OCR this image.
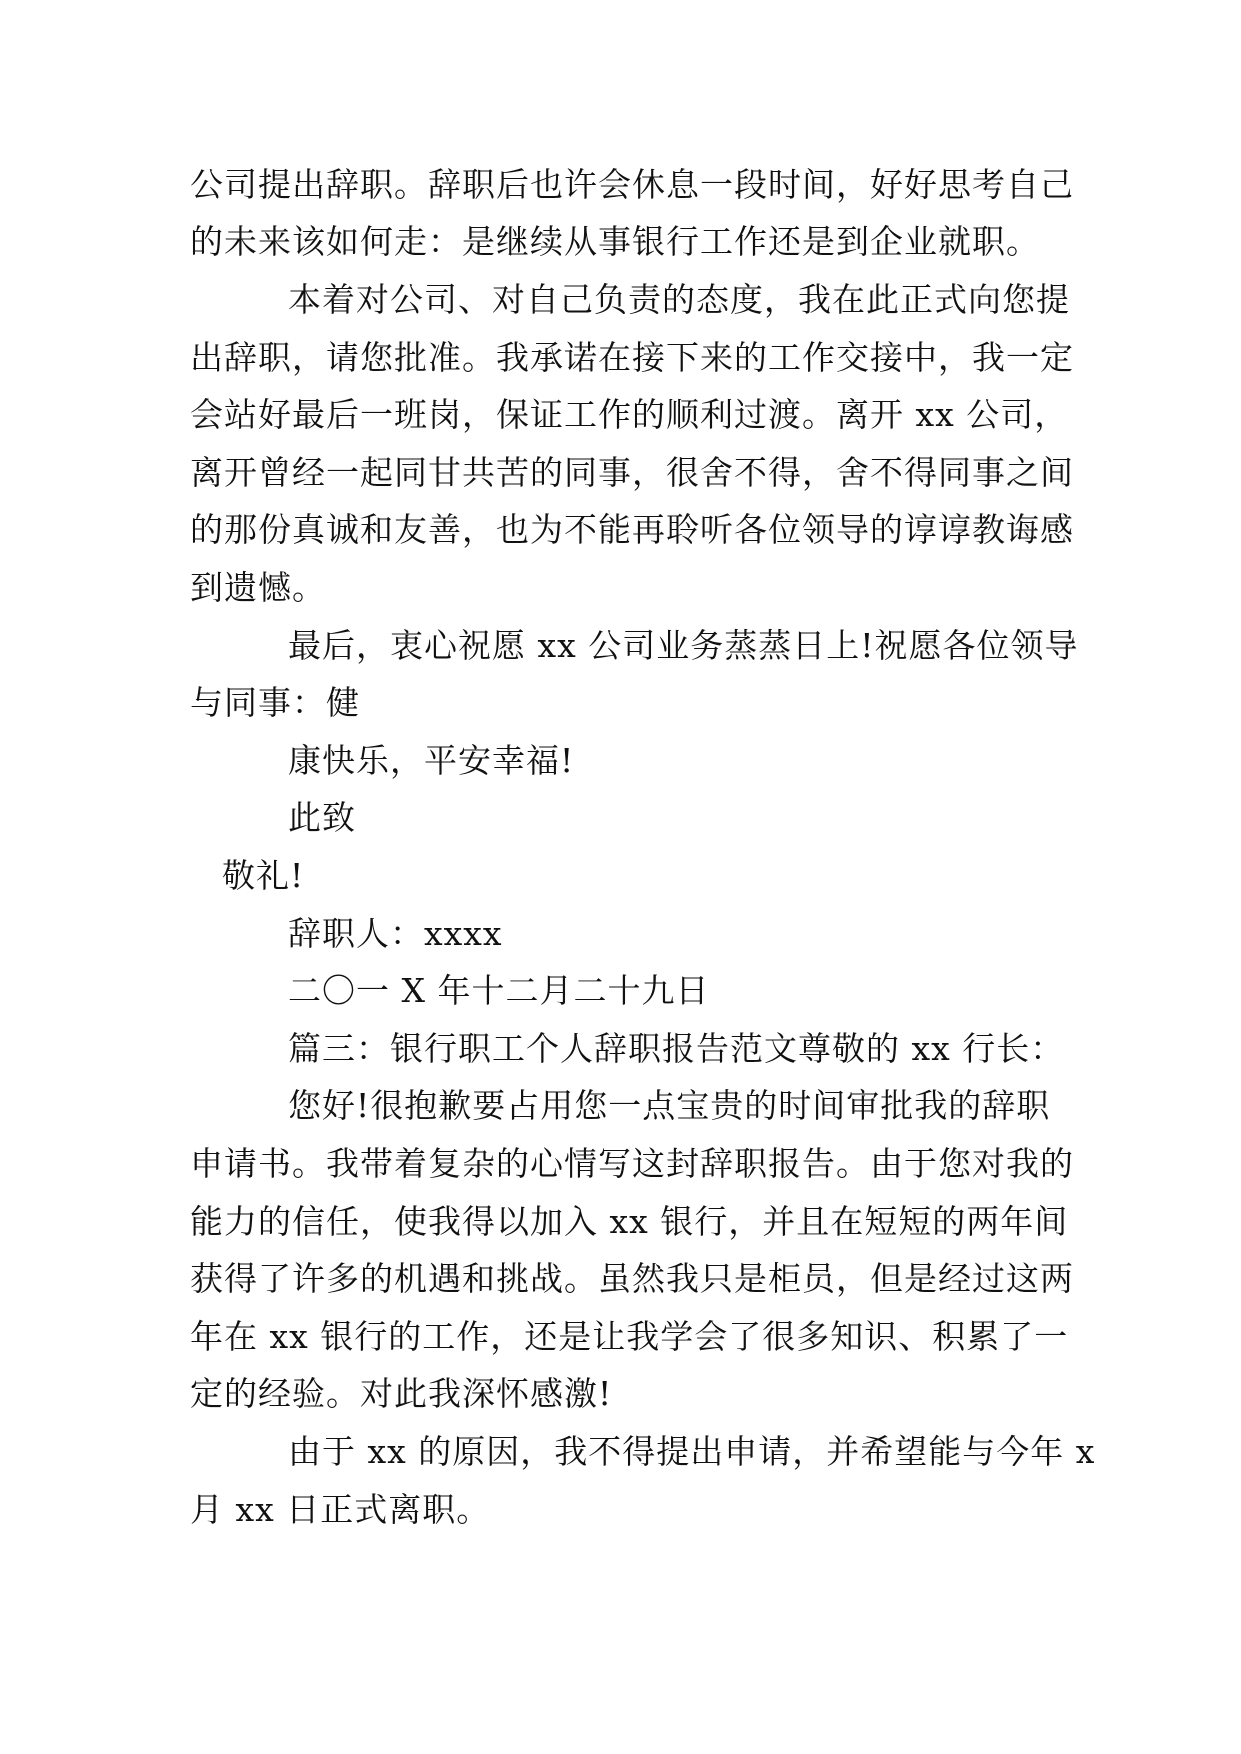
公司提出辞职。辞职后也许会休息一段时间，好好思考自己
的未来该如何走：是继续从事银行工作还是到企业就职。
本着对公司、对自己负责的态度，我在此正式向您提
出辞职，请您批准。我承诺在接下来的工作交接中，我一定
会站好最后一班岗，保证工作的顺利过渡。离开 xx 公司，
离开曾经一起同甘共苦的同事，很舍不得，舍不得同事之间
的那份真诚和友善，也为不能再聆听各位领导的谆谆教诲感
到遗憾。
最后，衷心祝愿 xx 公司业务蒸蒸日上!祝愿各位领导
与同事：健
康快乐，平安幸福!
此致
敬礼!
辞职人：xxxx
二〇一 X 年十二月二十九日
篇三：银行职工个人辞职报告范文尊敬的 xx 行长：
您好!很抱歉要占用您一点宝贵的时间审批我的辞职
申请书。我带着复杂的心情写这封辞职报告。由于您对我的
能力的信任，使我得以加入 xx 银行，并且在短短的两年间
获得了许多的机遇和挑战。虽然我只是柜员，但是经过这两
年在 xx 银行的工作，还是让我学会了很多知识、积累了一
定的经验。对此我深怀感激!
由于 xx 的原因，我不得提出申请，并希望能与今年 x
月 xx 日正式离职。
